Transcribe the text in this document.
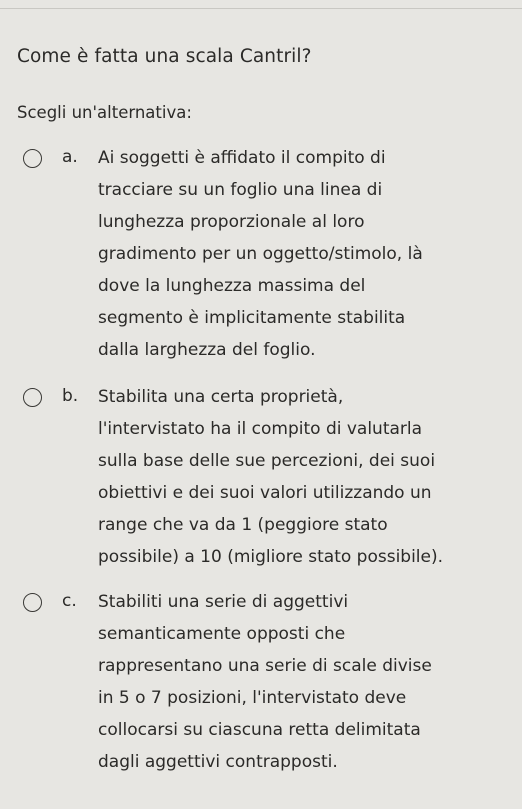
Come è fatta una scala Cantril?
Scegli un'alternativa:
a. Ai soggetti è affidato il compito di
tracciare su un foglio una linea di
lunghezza proporzionale al loro
gradimento per un oggetto/stimolo, là
dove la lunghezza massima del
segmento è implicitamente stabilita
dalla larghezza del foglio.
b. Stabilita una certa proprietà,
l'intervistato ha il compito di valutarla
sulla base delle sue percezioni, dei suoi
obiettivi e dei suoi valori utilizzando un
range che va da 1 (peggiore stato
possibile) a 10 (migliore stato possibile).
c. Stabiliti una serie di aggettivi
semanticamente opposti che
rappresentano una serie di scale divise
in 5 o 7 posizioni, l'intervistato deve
collocarsi su ciascuna retta delimitata
dagli aggettivi contrapposti.
